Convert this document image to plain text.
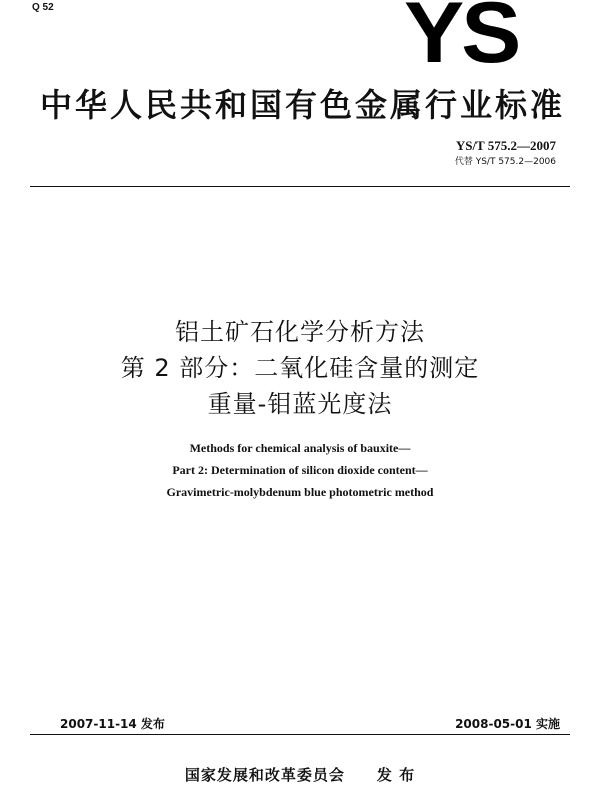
Q 52	YS
中华人民共和国有色金属行业标准
YS/T 575.2—2007
代替 YS/T 575.2—2006
铝土矿石化学分析方法
第 2 部分：二氧化硅含量的测定
重量-钼蓝光度法
Methods for chemical analysis of bauxite—
Part 2: Determination of silicon dioxide content—
Gravimetric-molybdenum blue photometric method
2007-11-14 发布	2008-05-01 实施
国家发展和改革委员会　　发 布
